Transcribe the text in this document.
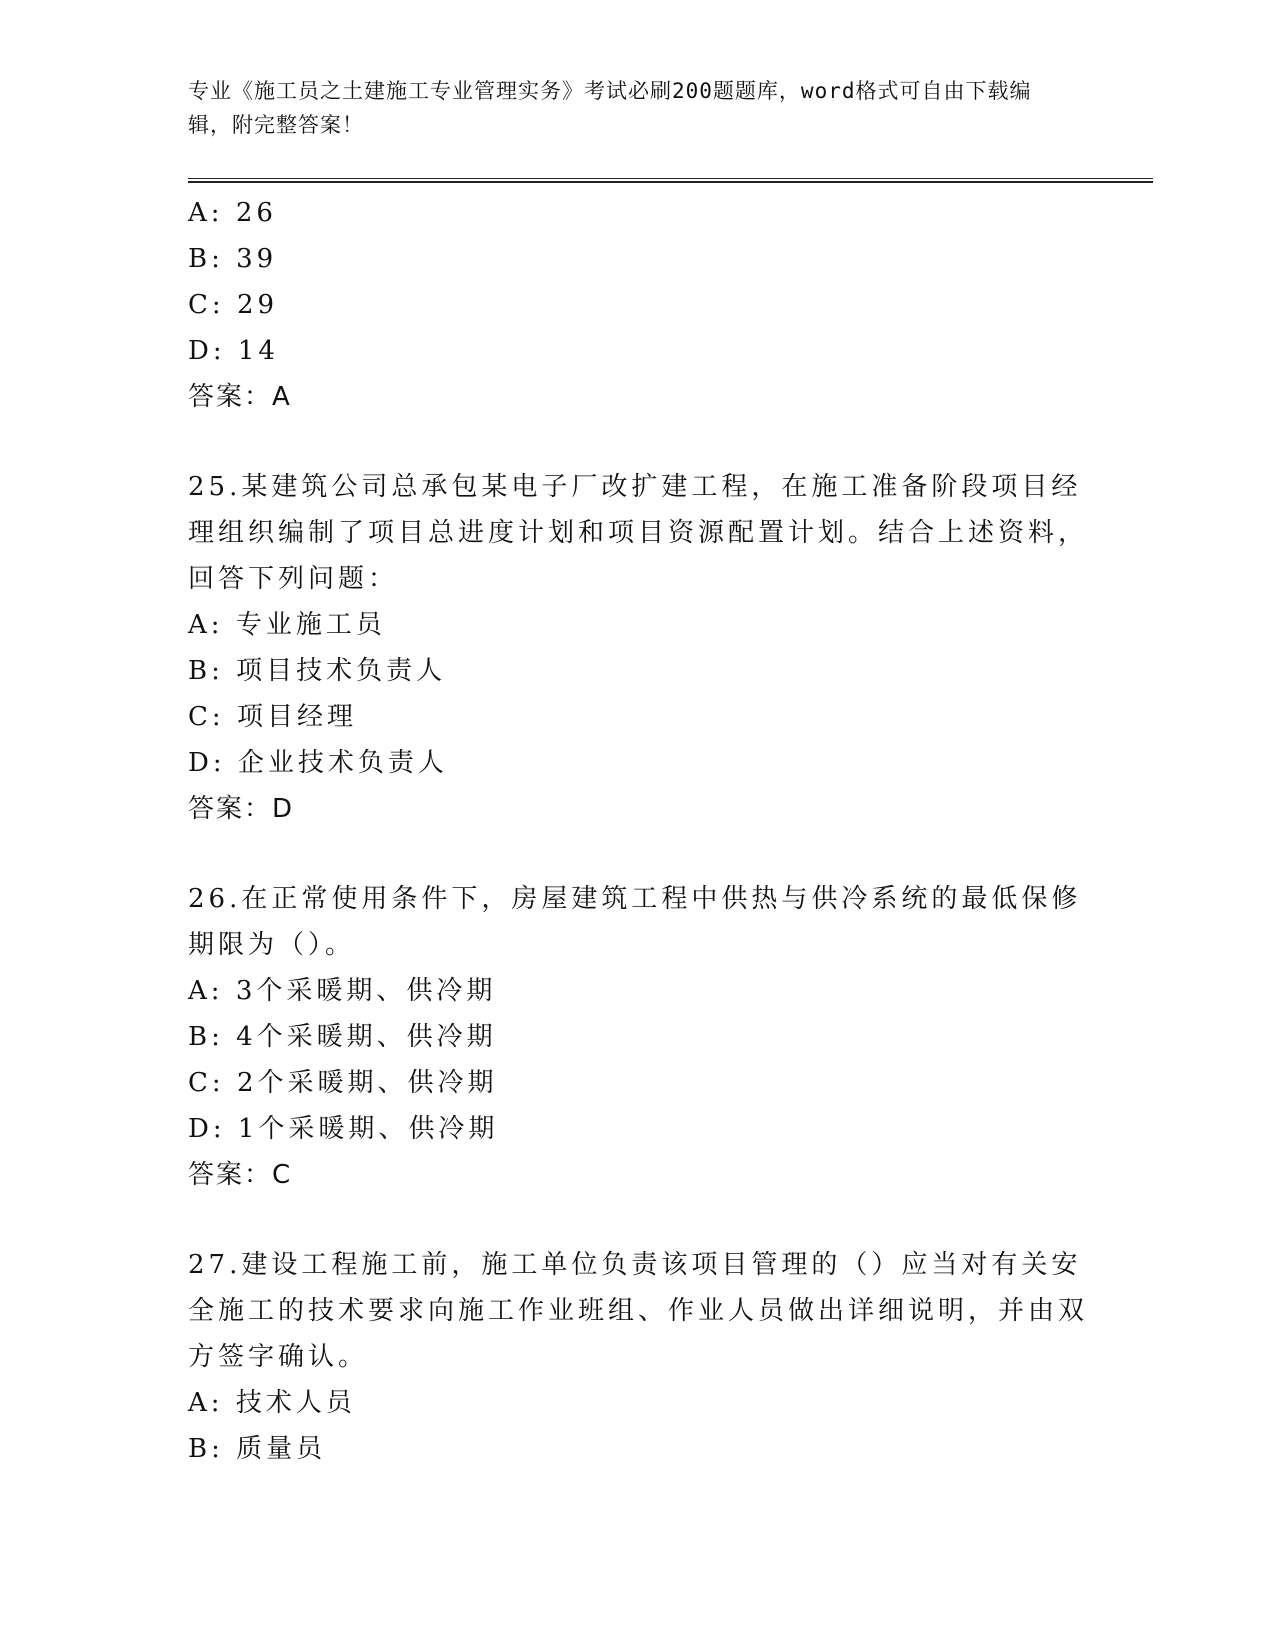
专业《施工员之土建施工专业管理实务》考试必刷200题题库，word格式可自由下载编辑，附完整答案！
A: 26
B: 39
C: 29
D: 14
答案：A
25.某建筑公司总承包某电子厂改扩建工程，在施工准备阶段项目经理组织编制了项目总进度计划和项目资源配置计划。结合上述资料，回答下列问题：
A: 专业施工员
B: 项目技术负责人
C: 项目经理
D: 企业技术负责人
答案：D
26.在正常使用条件下，房屋建筑工程中供热与供冷系统的最低保修期限为（）。
A: 3个采暖期、供冷期
B: 4个采暖期、供冷期
C: 2个采暖期、供冷期
D: 1个采暖期、供冷期
答案：C
27.建设工程施工前，施工单位负责该项目管理的（）应当对有关安全施工的技术要求向施工作业班组、作业人员做出详细说明，并由双方签字确认。
A: 技术人员
B: 质量员
